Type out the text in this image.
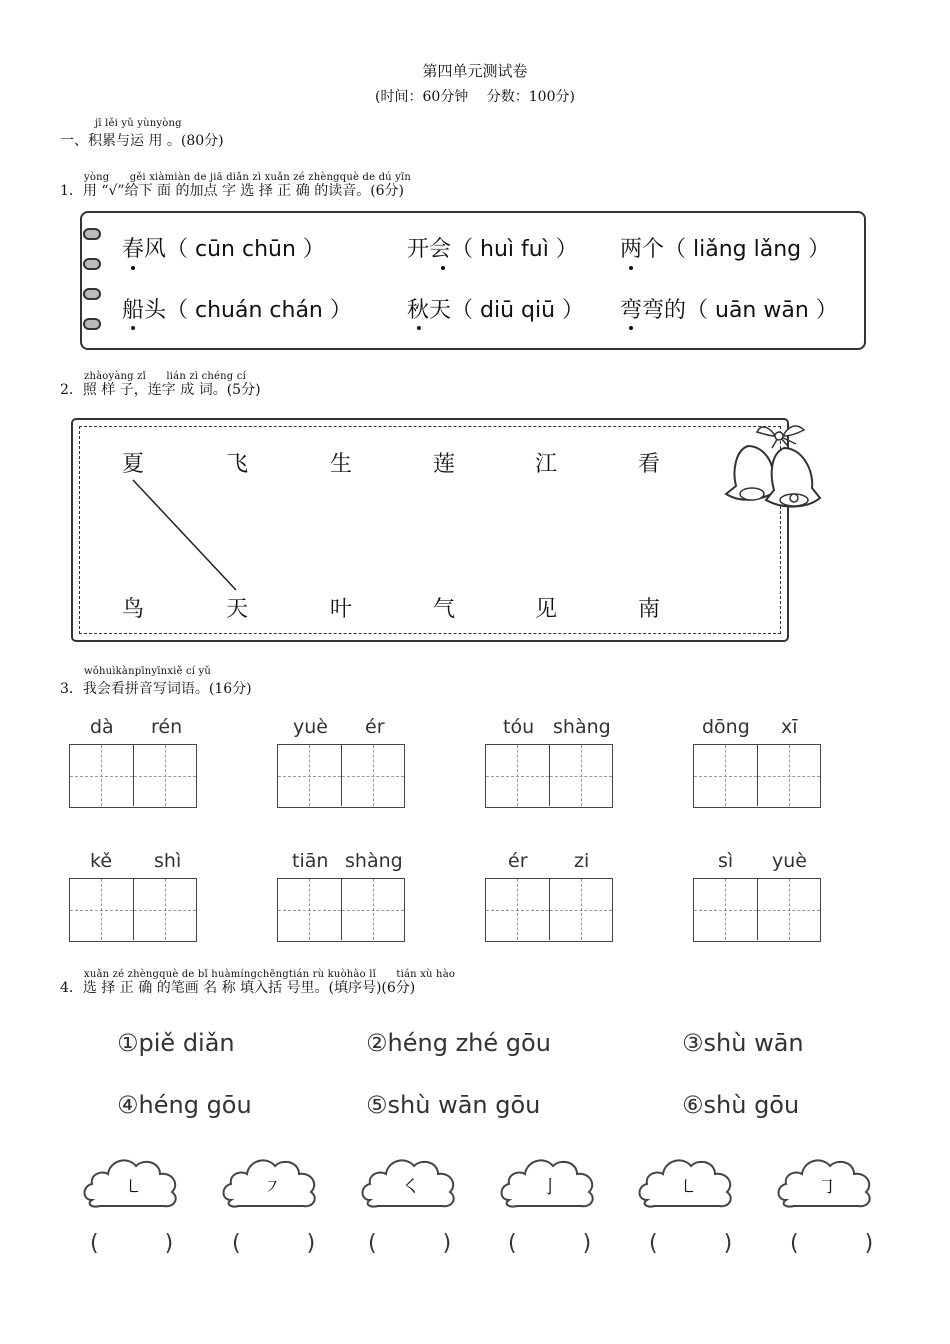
第四单元测试卷
(时间：60分钟　 分数：100分)
jī lěi yǔ yùnyòng
一、积累与运 用 。(80分)
yòng　　gěi xiàmiàn de jiā diǎn zì xuǎn zé zhèngquè de dú yīn
1．用 “√”给下 面 的加点 字 选 择 正 确 的读音。(6分)
春风（ cūn chūn ）	开会（ huì fuì ） 两个（ liǎng lǎng ）
船头（ chuán chán ）	秋天（ diū qiū ） 弯弯的（ uān wān ）
zhàoyàng zǐ　　lián zì chéng cí
2．照 样 子，连字 成 词。(5分)
夏	飞	生	莲	江	看
鸟	天	叶	气	见	南
wǒhuìkànpīnyīnxiě cí yǔ
3．我会看拼音写词语。(16分)
dà rén	yuè ér	tóu shàng	dōng xī
kě shì	tiān shàng	ér zi	sì yuè
xuǎn zé zhèngquè de bǐ huàmíngchēngtián rù kuòhào lǐ　　tián xù hào
4．选 择 正 确 的笔画 名 称 填入括 号里。(填序号)(6分)
①piě diǎn	②héng zhé gōu	③shù wān
④héng gōu	⑤shù wān gōu	⑥shù gōu
㇄	㇇	㇛	亅	㇄	㇆
(　　　)	(　　　) (　　　)	(　　　)	(　　　)	(　　　)
